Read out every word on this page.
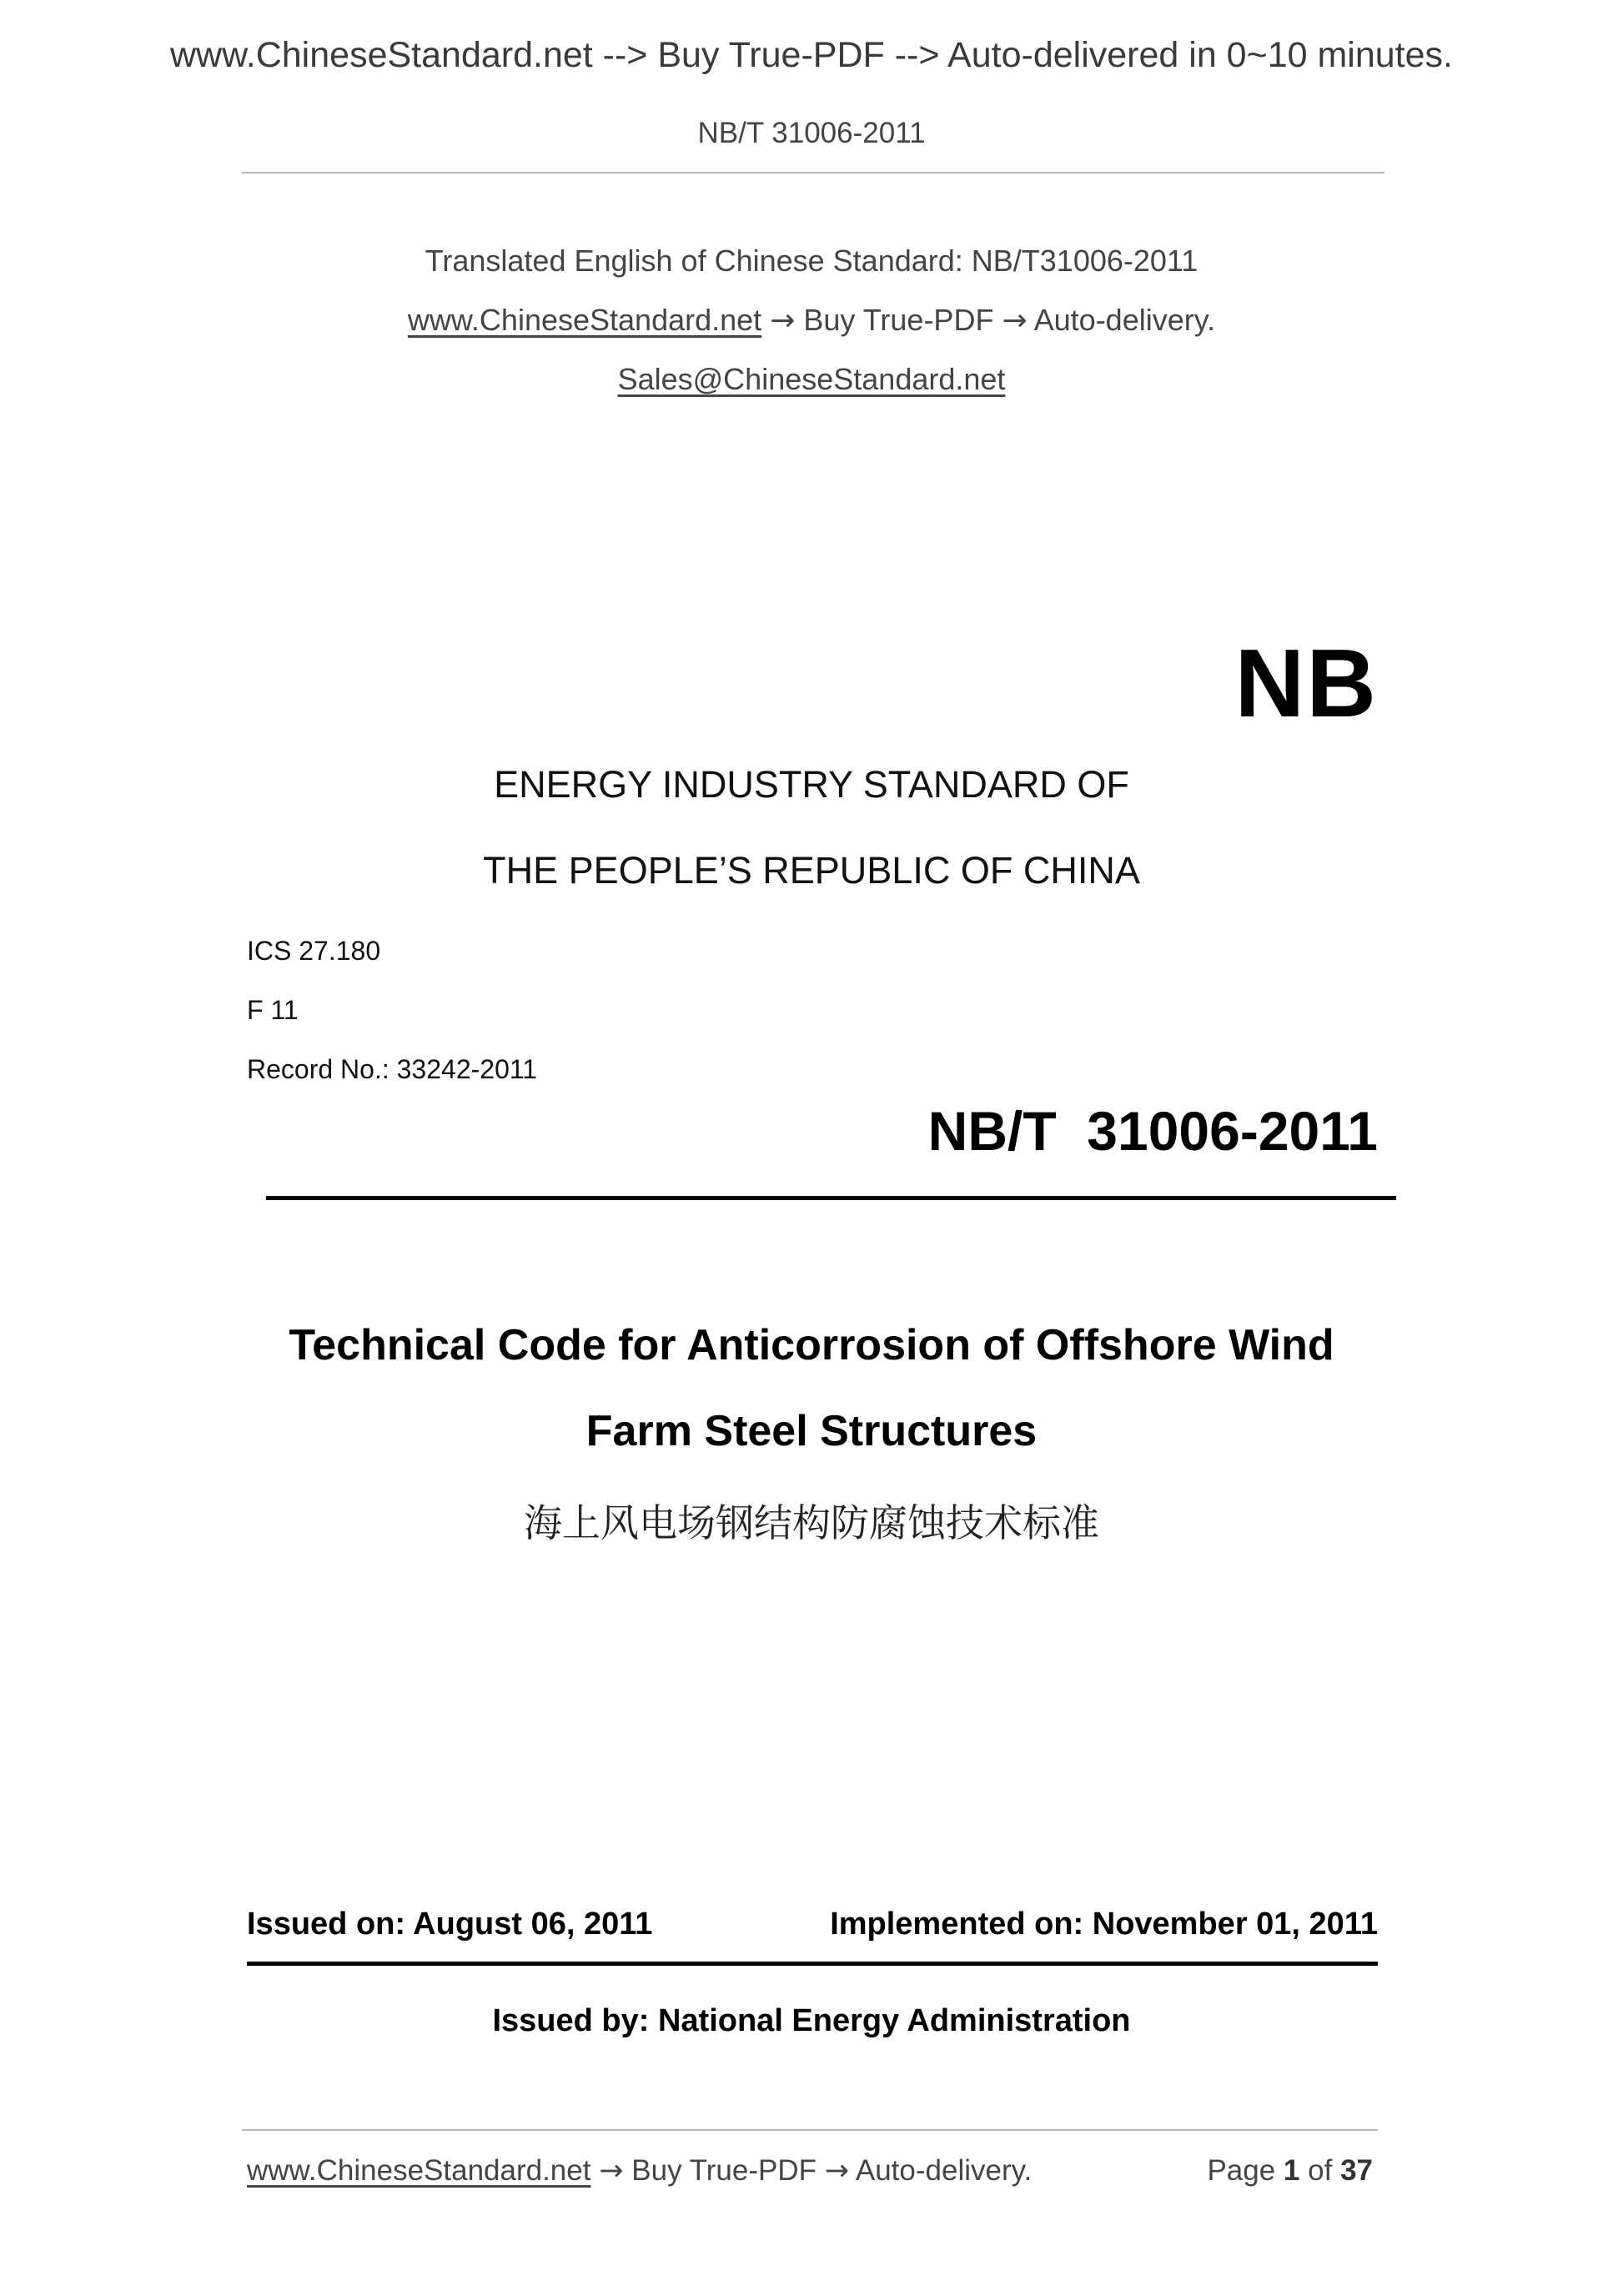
www.ChineseStandard.net --> Buy True-PDF --> Auto-delivered in 0~10 minutes.
NB/T 31006-2011
Translated English of Chinese Standard: NB/T31006-2011
www.ChineseStandard.net → Buy True-PDF → Auto-delivery.
Sales@ChineseStandard.net
NB
ENERGY INDUSTRY STANDARD OF
THE PEOPLE’S REPUBLIC OF CHINA
ICS 27.180
F 11
Record No.: 33242-2011
NB/T  31006-2011
Technical Code for Anticorrosion of Offshore Wind
Farm Steel Structures
海上风电场钢结构防腐蚀技术标准
Issued on: August 06, 2011	Implemented on: November 01, 2011
Issued by: National Energy Administration
www.ChineseStandard.net → Buy True-PDF → Auto-delivery.	Page 1 of 37
